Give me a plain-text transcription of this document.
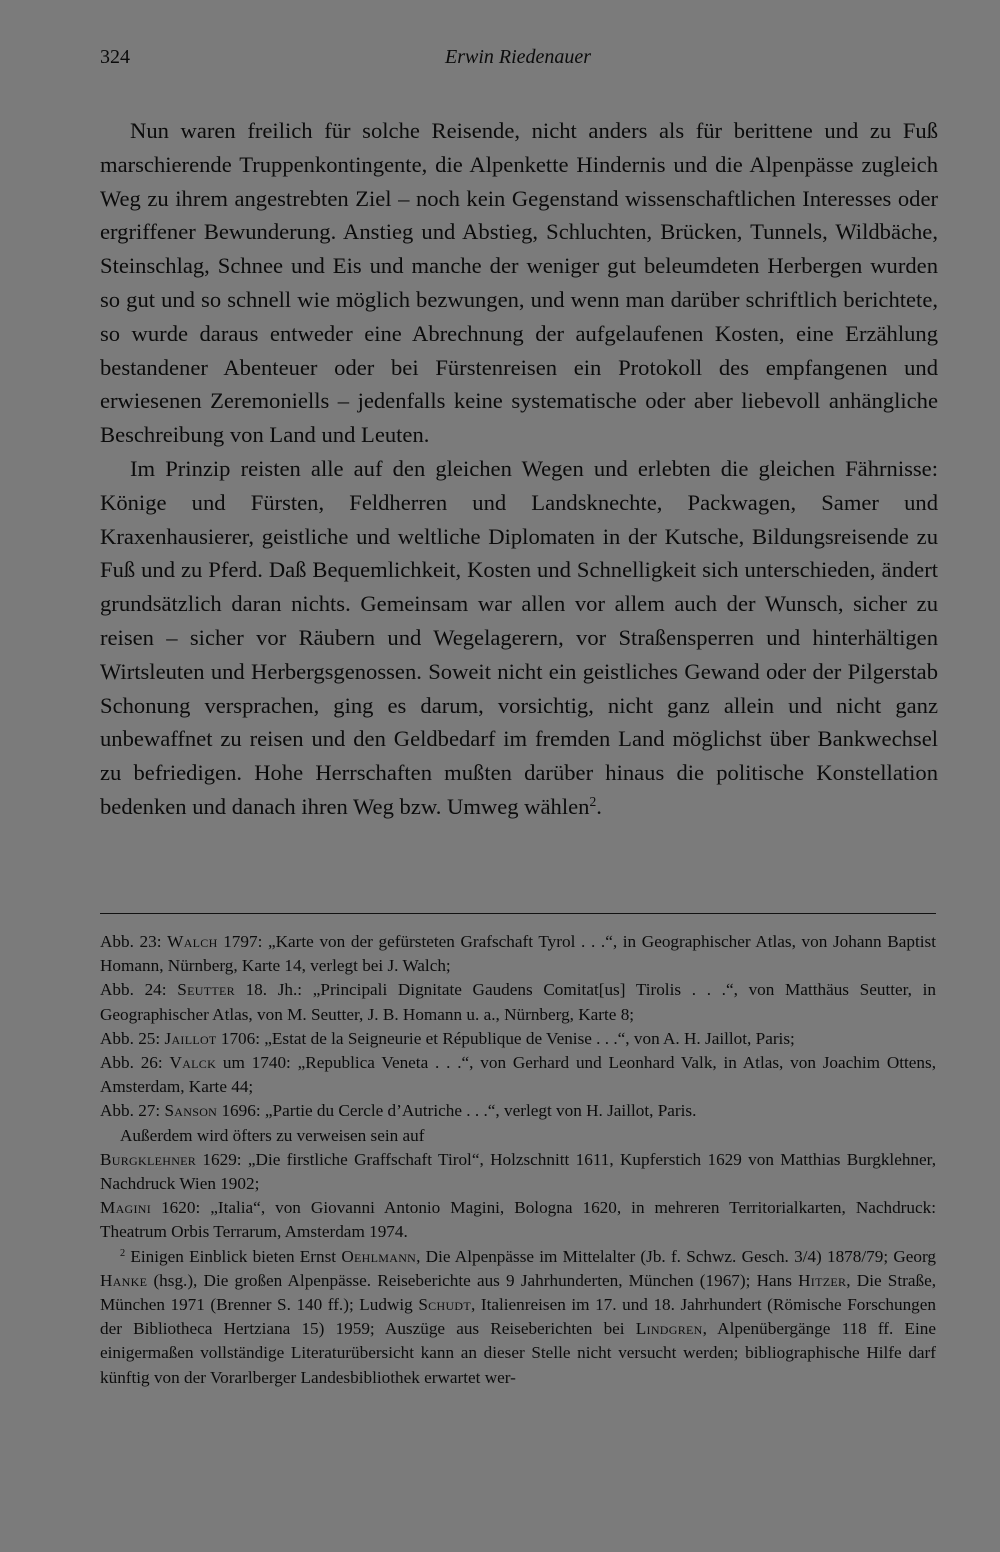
324	Erwin Riedenauer

Nun waren freilich für solche Reisende, nicht anders als für berittene und zu Fuß marschierende Truppenkontingente, die Alpenkette Hindernis und die Alpenpässe zugleich Weg zu ihrem angestrebten Ziel – noch kein Gegenstand wissenschaftlichen Interesses oder ergriffener Bewunderung. Anstieg und Abstieg, Schluchten, Brücken, Tunnels, Wildbäche, Steinschlag, Schnee und Eis und manche der weniger gut beleumdeten Herbergen wurden so gut und so schnell wie möglich bezwungen, und wenn man darüber schriftlich berichtete, so wurde daraus entweder eine Abrechnung der aufgelaufenen Kosten, eine Erzählung bestandener Abenteuer oder bei Fürstenreisen ein Protokoll des empfangenen und erwiesenen Zeremoniells – jedenfalls keine systematische oder aber liebevoll anhängliche Beschreibung von Land und Leuten.

Im Prinzip reisten alle auf den gleichen Wegen und erlebten die gleichen Fährnisse: Könige und Fürsten, Feldherren und Landsknechte, Packwagen, Samer und Kraxenhausierer, geistliche und weltliche Diplomaten in der Kutsche, Bildungsreisende zu Fuß und zu Pferd. Daß Bequemlichkeit, Kosten und Schnelligkeit sich unterschieden, ändert grundsätzlich daran nichts. Gemeinsam war allen vor allem auch der Wunsch, sicher zu reisen – sicher vor Räubern und Wegelagerern, vor Straßensperren und hinterhältigen Wirtsleuten und Herbergsgenossen. Soweit nicht ein geistliches Gewand oder der Pilgerstab Schonung versprachen, ging es darum, vorsichtig, nicht ganz allein und nicht ganz unbewaffnet zu reisen und den Geldbedarf im fremden Land möglichst über Bankwechsel zu befriedigen. Hohe Herrschaften mußten darüber hinaus die politische Konstellation bedenken und danach ihren Weg bzw. Umweg wählen$^2$.

Abb. 23: Walch 1797: „Karte von der gefürsteten Grafschaft Tyrol . . .“, in Geographischer Atlas, von Johann Baptist Homann, Nürnberg, Karte 14, verlegt bei J. Walch;

Abb. 24: Seutter 18. Jh.: „Principali Dignitate Gaudens Comitat[us] Tirolis . . .“, von Matthäus Seutter, in Geographischer Atlas, von M. Seutter, J. B. Homann u. a., Nürnberg, Karte 8;

Abb. 25: Jaillot 1706: „Estat de la Seigneurie et République de Venise . . .“, von A. H. Jaillot, Paris;

Abb. 26: Valck um 1740: „Republica Veneta . . .“, von Gerhard und Leonhard Valk, in Atlas, von Joachim Ottens, Amsterdam, Karte 44;

Abb. 27: Sanson 1696: „Partie du Cercle d’Autriche . . .“, verlegt von H. Jaillot, Paris.

Außerdem wird öfters zu verweisen sein auf

Burgklehner 1629: „Die firstliche Graffschaft Tirol“, Holzschnitt 1611, Kupferstich 1629 von Matthias Burgklehner, Nachdruck Wien 1902;

Magini 1620: „Italia“, von Giovanni Antonio Magini, Bologna 1620, in mehreren Territorialkarten, Nachdruck: Theatrum Orbis Terrarum, Amsterdam 1974.

$^2$ Einigen Einblick bieten Ernst Oehlmann, Die Alpenpässe im Mittelalter (Jb. f. Schwz. Gesch. 3/4) 1878/79; Georg Hanke (hsg.), Die großen Alpenpässe. Reiseberichte aus 9 Jahrhunderten, München (1967); Hans Hitzer, Die Straße, München 1971 (Brenner S. 140 ff.); Ludwig Schudt, Italienreisen im 17. und 18. Jahrhundert (Römische Forschungen der Bibliotheca Hertziana 15) 1959; Auszüge aus Reiseberichten bei Lindgren, Alpenübergänge 118 ff. Eine einigermaßen vollständige Literaturübersicht kann an dieser Stelle nicht versucht werden; bibliographische Hilfe darf künftig von der Vorarlberger Landesbibliothek erwartet wer-
